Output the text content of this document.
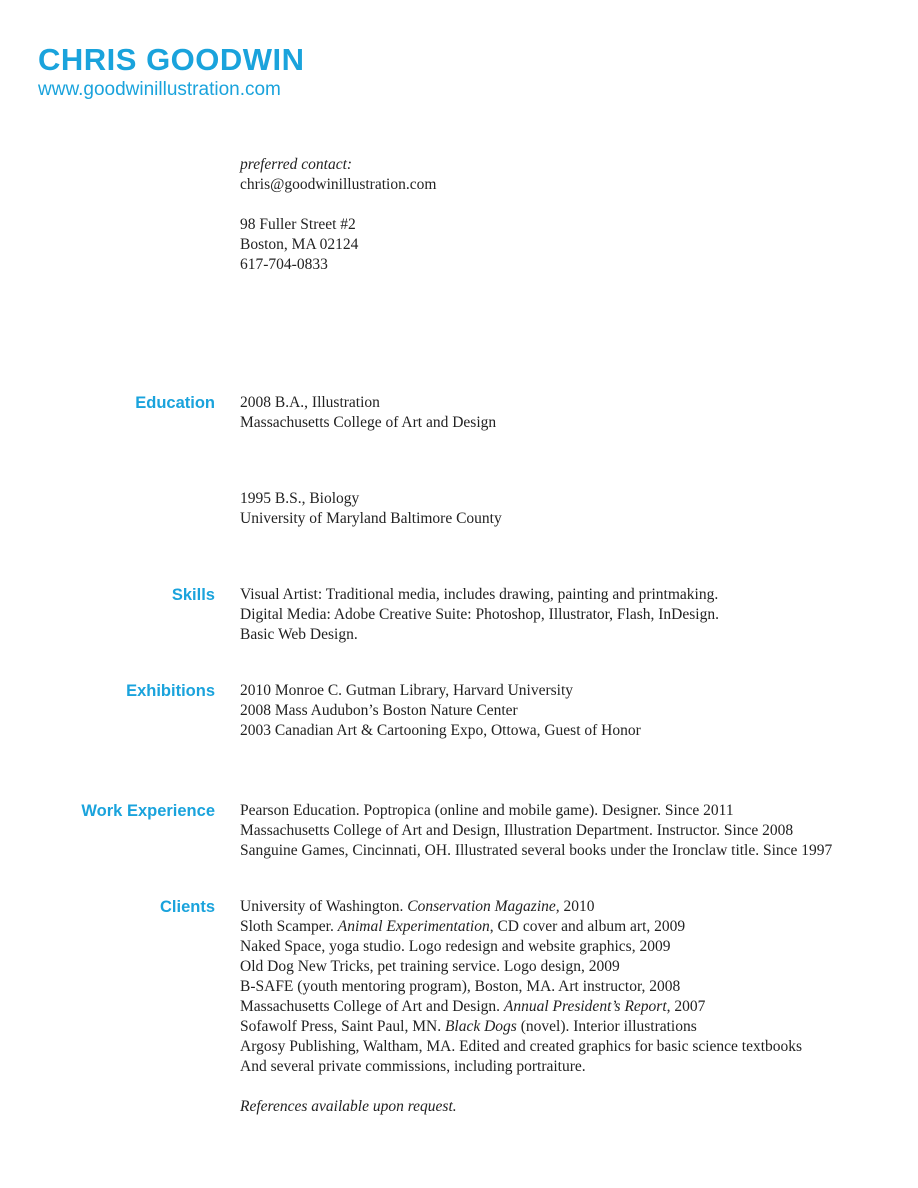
CHRIS GOODWIN
www.goodwinillustration.com
preferred contact:
chris@goodwinillustration.com
98 Fuller Street #2
Boston, MA 02124
617-704-0833
Education 2008 B.A., Illustration
Massachusetts College of Art and Design
1995 B.S., Biology
University of Maryland Baltimore County
Skills Visual Artist: Traditional media, includes drawing, painting and printmaking.
Digital Media: Adobe Creative Suite: Photoshop, Illustrator, Flash, InDesign.
Basic Web Design.
Exhibitions 2010 Monroe C. Gutman Library, Harvard University
2008 Mass Audubon’s Boston Nature Center
2003 Canadian Art & Cartooning Expo, Ottowa, Guest of Honor
Work Experience Pearson Education. Poptropica (online and mobile game). Designer. Since 2011
Massachusetts College of Art and Design, Illustration Department. Instructor. Since 2008
Sanguine Games, Cincinnati, OH. Illustrated several books under the Ironclaw title. Since 1997
Clients University of Washington. Conservation Magazine, 2010
Sloth Scamper. Animal Experimentation, CD cover and album art, 2009
Naked Space, yoga studio. Logo redesign and website graphics, 2009
Old Dog New Tricks, pet training service. Logo design, 2009
B-SAFE (youth mentoring program), Boston, MA. Art instructor, 2008
Massachusetts College of Art and Design. Annual President’s Report, 2007
Sofawolf Press, Saint Paul, MN. Black Dogs (novel). Interior illustrations
Argosy Publishing, Waltham, MA. Edited and created graphics for basic science textbooks
And several private commissions, including portraiture.
References available upon request.
